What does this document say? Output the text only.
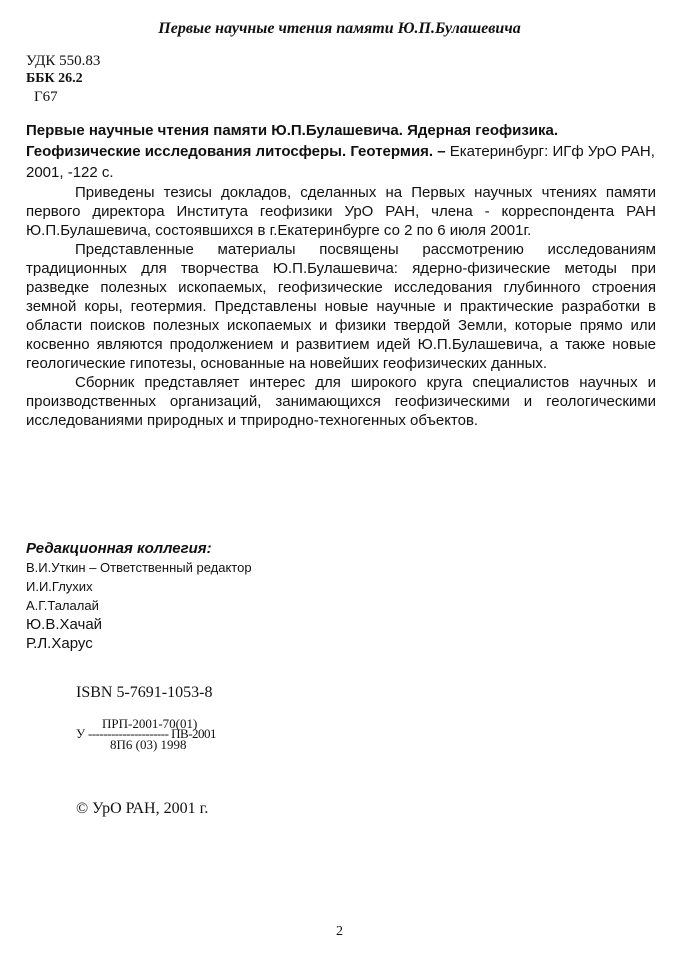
Первые научные чтения памяти Ю.П.Булашевича
УДК 550.83
ББК 26.2
Г67
Первые научные чтения памяти Ю.П.Булашевича. Ядерная геофизика. Геофизические исследования литосферы. Геотермия. – Екатеринбург: ИГф УрО РАН, 2001, -122 с.

Приведены тезисы докладов, сделанных на Первых научных чтениях памяти первого директора Института геофизики УрО РАН, члена - корреспондента РАН Ю.П.Булашевича, состоявшихся в г.Екатеринбурге со 2 по 6 июля 2001г.

Представленные материалы посвящены рассмотрению исследованиям традиционных для творчества Ю.П.Булашевича: ядерно-физические методы при разведке полезных ископаемых, геофизические исследования глубинного строения земной коры, геотермия. Представлены новые научные и практические разработки в области поисков полезных ископаемых и физики твердой Земли, которые прямо или косвенно являются продолжением и развитием идей Ю.П.Булашевича, а также новые геологические гипотезы, основанные на новейших геофизических данных.

Сборник представляет интерес для широкого круга специалистов научных и производственных организаций, занимающихся геофизическими и геологическими исследованиями природных и тприродно-техногенных объектов.

Редакционная коллегия:
В.И.Уткин – Ответственный редактор
И.И.Глухих
А.Г.Талалай
Ю.В.Хачай
Р.Л.Харус
ISBN 5-7691-1053-8
У
ПРП-2001-70(01)
--------------------- ПВ-2001
8П6 (03) 1998
© УрО РАН, 2001 г.
2
